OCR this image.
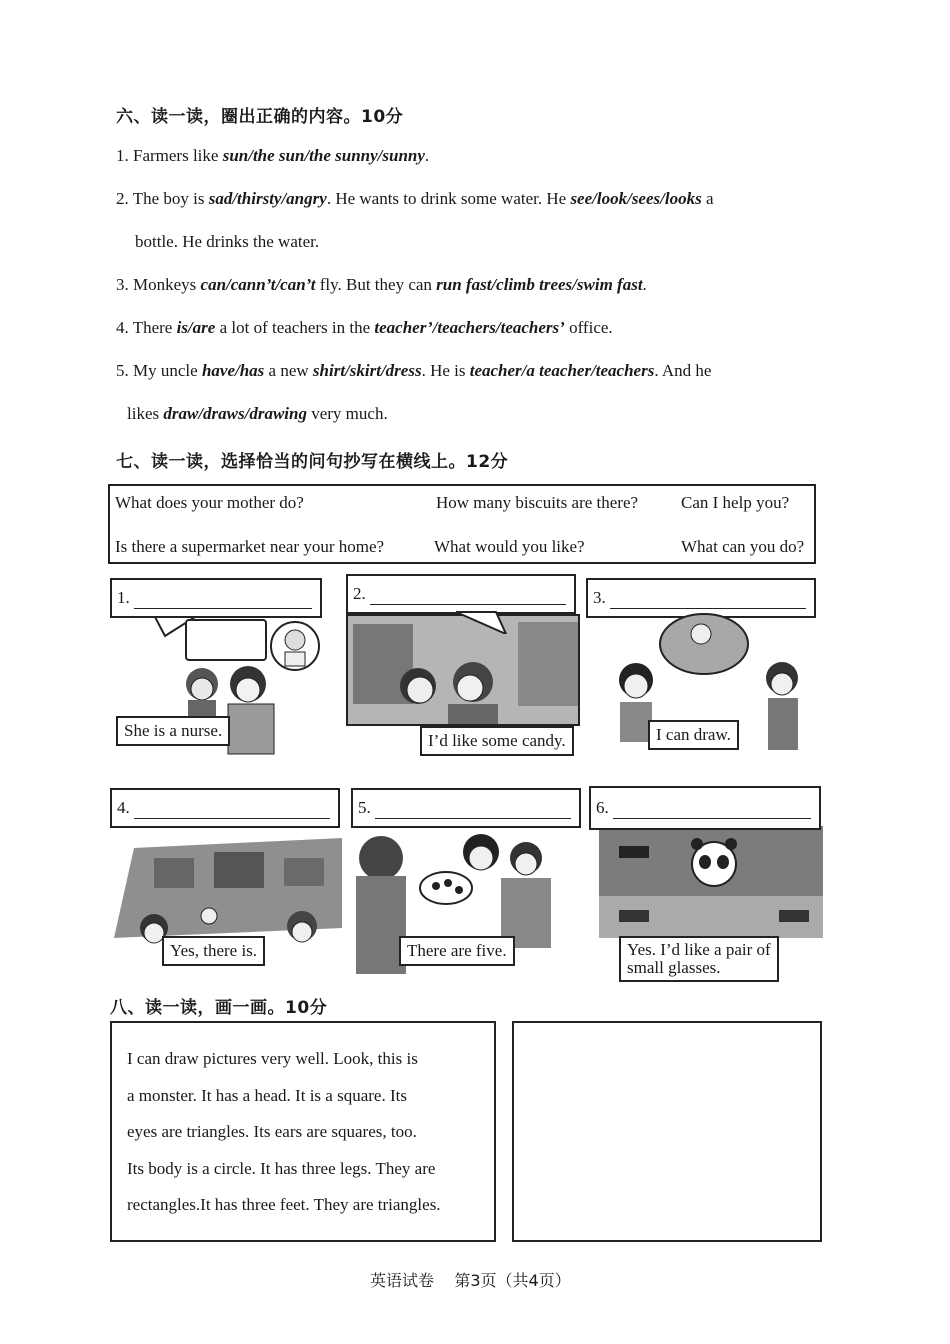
六、读一读，圈出正确的内容。10分
1. Farmers like sun/the sun/the sunny/sunny.
2. The boy is sad/thirsty/angry. He wants to drink some water. He see/look/sees/looks a
bottle. He drinks the water.
3. Monkeys can/cann’t/can’t fly. But they can run fast/climb trees/swim fast.
4. There is/are a lot of teachers in the teacher’/teachers/teachers’ office.
5. My uncle have/has a new shirt/skirt/dress. He is teacher/a teacher/teachers. And he
likes draw/draws/drawing very much.
七、读一读，选择恰当的问句抄写在横线上。12分
What does your mother do?	How many biscuits are there?	Can I help you?
Is there a supermarket near your home?	What would you like?	What can you do?
1.
She is a nurse.
2.
I’d like some candy.
3.
I can draw.
4.
Yes, there is.
5.
There are five.
6.
Yes. I’d like a pair of
small glasses.
八、读一读，画一画。10分
I can draw pictures very well. Look, this is
a monster. It has a head. It is a square. Its
eyes are triangles. Its ears are squares, too.
Its body is a circle. It has three legs. They are
rectangles.It has three feet. They are triangles.
英语试卷    第3页（共4页）
